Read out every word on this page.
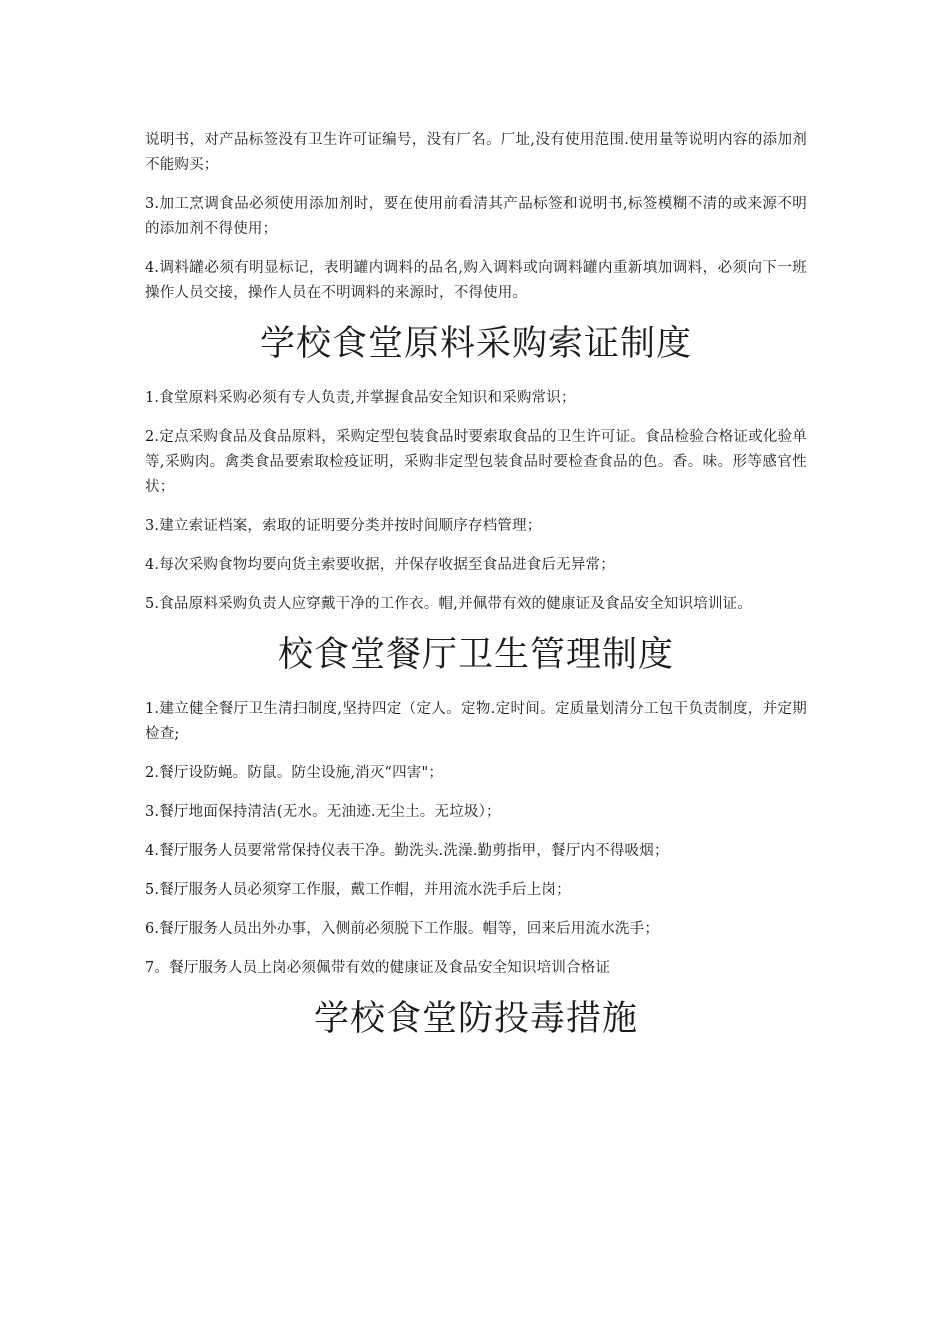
说明书，对产品标签没有卫生许可证编号，没有厂名。厂址,没有使用范围.使用量等说明内容的添加剂不能购买；

3.加工烹调食品必须使用添加剂时，要在使用前看清其产品标签和说明书,标签模糊不清的或来源不明的添加剂不得使用；

4.调料罐必须有明显标记，表明罐内调料的品名,购入调料或向调料罐内重新填加调料，必须向下一班操作人员交接，操作人员在不明调料的来源时，不得使用。

学校食堂原料采购索证制度

1.食堂原料采购必须有专人负责,并掌握食品安全知识和采购常识；

2.定点采购食品及食品原料，采购定型包装食品时要索取食品的卫生许可证。食品检验合格证或化验单等,采购肉。禽类食品要索取检疫证明，采购非定型包装食品时要检查食品的色。香。味。形等感官性状；

3.建立索证档案，索取的证明要分类并按时间顺序存档管理；

4.每次采购食物均要向货主索要收据，并保存收据至食品进食后无异常；

5.食品原料采购负责人应穿戴干净的工作衣。帽,并佩带有效的健康证及食品安全知识培训证。

校食堂餐厅卫生管理制度

1.建立健全餐厅卫生清扫制度,坚持四定（定人。定物.定时间。定质量划清分工包干负责制度，并定期检查;

2.餐厅设防蝇。防鼠。防尘设施,消灭“四害"；

3.餐厅地面保持清洁(无水。无油迹.无尘土。无垃圾）；

4.餐厅服务人员要常常保持仪表干净。勤洗头.洗澡.勤剪指甲，餐厅内不得吸烟；

5.餐厅服务人员必须穿工作服，戴工作帽，并用流水洗手后上岗；

6.餐厅服务人员出外办事，入侧前必须脱下工作服。帽等，回来后用流水洗手；

7。餐厅服务人员上岗必须佩带有效的健康证及食品安全知识培训合格证

学校食堂防投毒措施
